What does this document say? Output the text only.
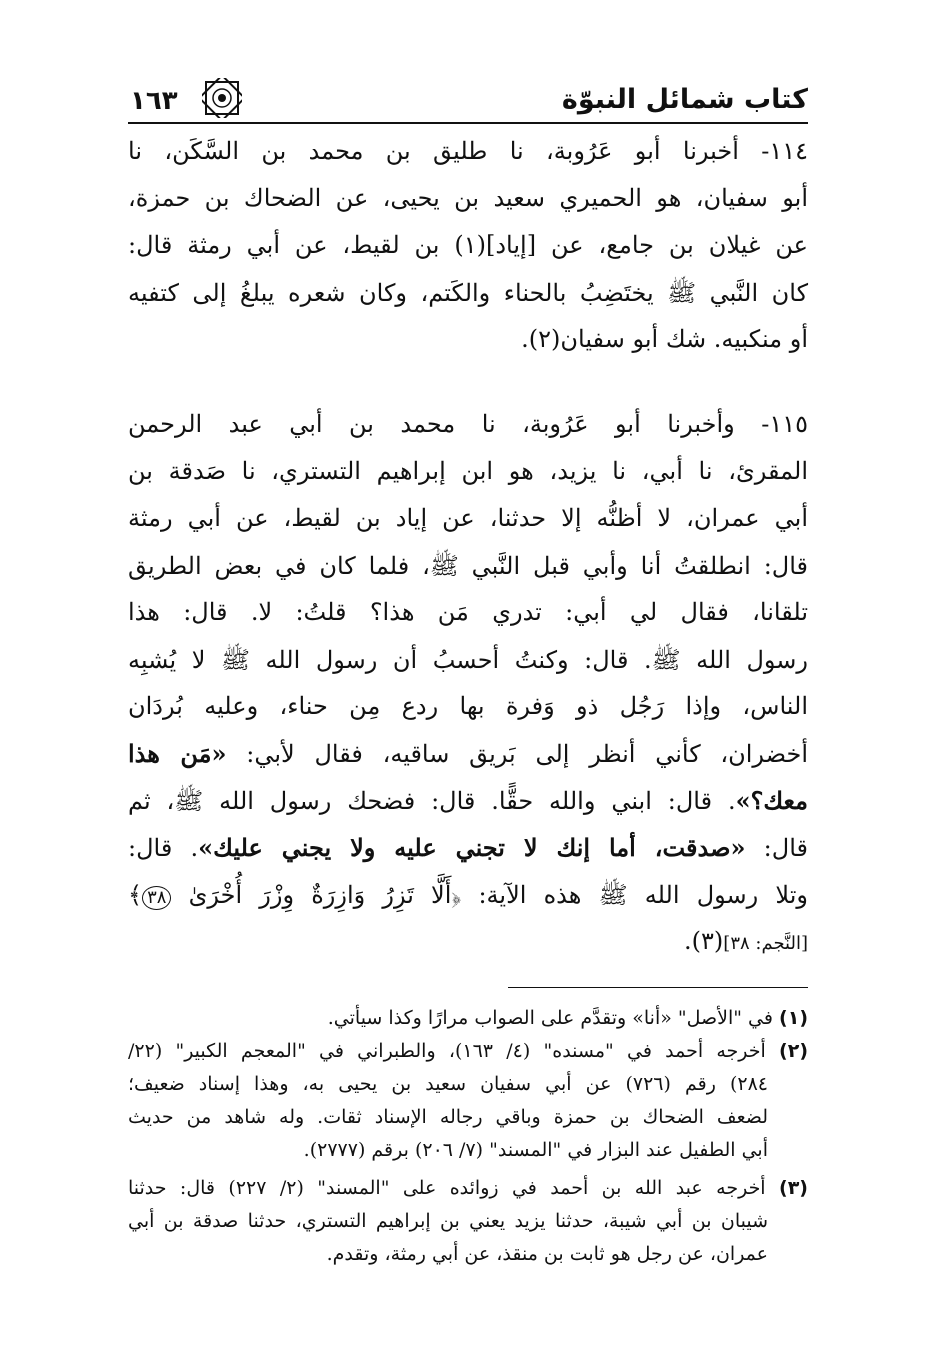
كتاب شمائل النبوّة
١٦٣
١١٤- أخبرنا أبو عَرُوبة، نا طليق بن محمد بن السَّكَن، نا
أبو سفيان، هو الحميري سعيد بن يحيى، عن الضحاك بن حمزة،
عن غيلان بن جامع، عن [إياد](١) بن لقيط، عن أبي رمثة قال:
كان النَّبي ﷺ يختَضِبُ بالحناء والكَتم، وكان شعره يبلغُ إلى كتفيه
أو منكبيه. شك أبو سفيان(٢).
١١٥- وأخبرنا أبو عَرُوبة، نا محمد بن أبي عبد الرحمن
المقرئ، نا أبي، نا يزيد، هو ابن إبراهيم التستري، نا صَدقة بن
أبي عمران، لا أظنُّه إلا حدثنا، عن إياد بن لقيط، عن أبي رمثة
قال: انطلقتُ أنا وأبي قبل النَّبي ﷺ، فلما كان في بعض الطريق
تلقانا، فقال لي أبي: تدري مَن هذا؟ قلتُ: لا. قال: هذا
رسول الله ﷺ. قال: وكنتُ أحسبُ أن رسول الله ﷺ لا يُشبِه
الناس، وإذا رَجُل ذو وَفرة بها ردع مِن حناء، وعليه بُردَان
أخضران، كأني أنظر إلى بَريق ساقيه، فقال لأبي: «مَن هذا
معك؟». قال: ابني والله حقًّا. قال: فضحك رسول الله ﷺ، ثم
قال: «صدقت، أما إنك لا تجني عليه ولا يجني عليك». قال:
وتلا رسول الله ﷺ هذه الآية: ﴿أَلَّا تَزِرُ وَازِرَةٌ وِزْرَ أُخْرَىٰ ٣٨﴾
[النَّجم: ٣٨](٣).
(١) في "الأصل" «أنا» وتقدَّم على الصواب مرارًا وكذا سيأتي.
(٢) أخرجه أحمد في "مسنده" (٤/ ١٦٣)، والطبراني في "المعجم الكبير" (٢٢/
٢٨٤) رقم (٧٢٦) عن أبي سفيان سعيد بن يحيى به، وهذا إسناد ضعيف؛
لضعف الضحاك بن حمزة وباقي رجاله الإسناد ثقات. وله شاهد من حديث
أبي الطفيل عند البزار في "المسند" (٧/ ٢٠٦) برقم (٢٧٧٧).
(٣) أخرجه عبد الله بن أحمد في زوائده على "المسند" (٢/ ٢٢٧) قال: حدثنا
شيبان بن أبي شيبة، حدثنا يزيد يعني بن إبراهيم التستري، حدثنا صدقة بن أبي
عمران، عن رجل هو ثابت بن منقذ، عن أبي رمثة، وتقدم.
